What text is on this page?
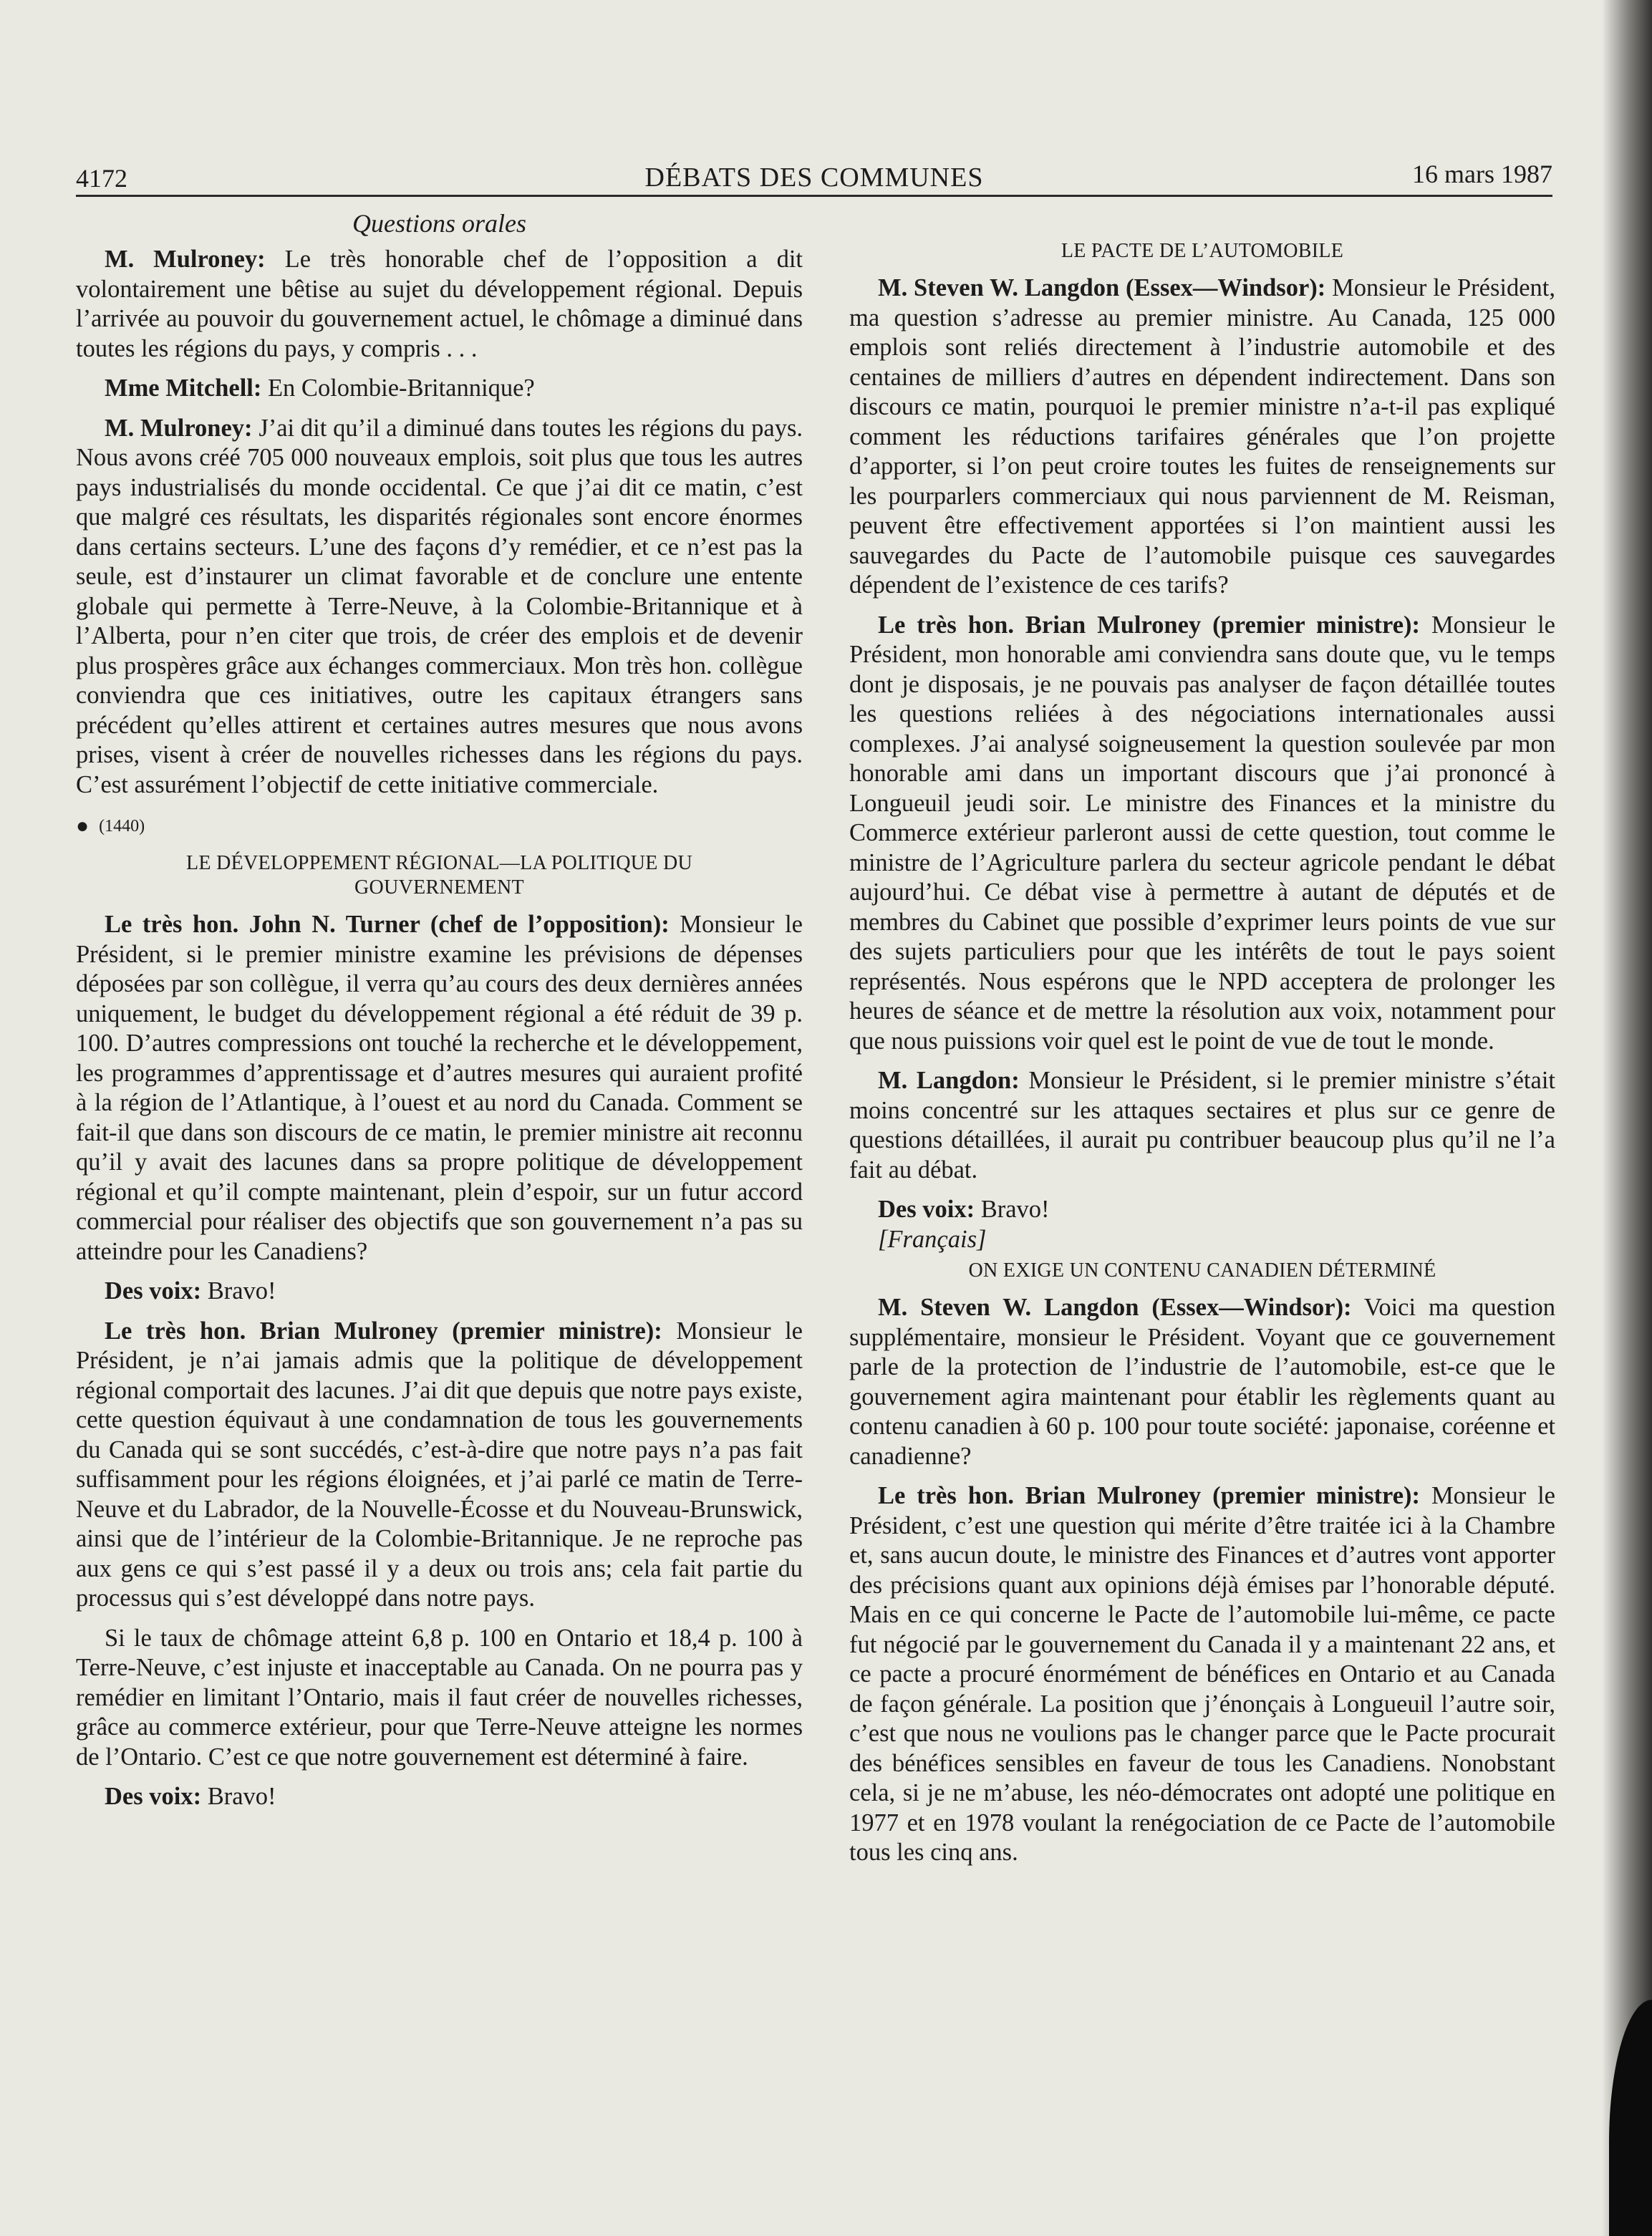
4172	DÉBATS DES COMMUNES	16 mars 1987
Questions orales

M. Mulroney: Le très honorable chef de l’opposition a dit volontairement une bêtise au sujet du développement régional. Depuis l’arrivée au pouvoir du gouvernement actuel, le chômage a diminué dans toutes les régions du pays, y compris . . .

Mme Mitchell: En Colombie-Britannique?

M. Mulroney: J’ai dit qu’il a diminué dans toutes les régions du pays. Nous avons créé 705 000 nouveaux emplois, soit plus que tous les autres pays industrialisés du monde occidental. Ce que j’ai dit ce matin, c’est que malgré ces résultats, les disparités régionales sont encore énormes dans certains secteurs. L’une des façons d’y remédier, et ce n’est pas la seule, est d’instaurer un climat favorable et de conclure une entente globale qui permette à Terre-Neuve, à la Colombie-Britannique et à l’Alberta, pour n’en citer que trois, de créer des emplois et de devenir plus prospères grâce aux échanges commerciaux. Mon très hon. collègue conviendra que ces initiatives, outre les capitaux étrangers sans précédent qu’elles attirent et certaines autres mesures que nous avons prises, visent à créer de nouvelles richesses dans les régions du pays. C’est assurément l’objectif de cette initiative commerciale.

● (1440)
LE DÉVELOPPEMENT RÉGIONAL—LA POLITIQUE DU GOUVERNEMENT

Le très hon. John N. Turner (chef de l’opposition): Monsieur le Président, si le premier ministre examine les prévisions de dépenses déposées par son collègue, il verra qu’au cours des deux dernières années uniquement, le budget du développement régional a été réduit de 39 p. 100. D’autres compressions ont touché la recherche et le développement, les programmes d’apprentissage et d’autres mesures qui auraient profité à la région de l’Atlantique, à l’ouest et au nord du Canada. Comment se fait-il que dans son discours de ce matin, le premier ministre ait reconnu qu’il y avait des lacunes dans sa propre politique de développement régional et qu’il compte maintenant, plein d’espoir, sur un futur accord commercial pour réaliser des objectifs que son gouvernement n’a pas su atteindre pour les Canadiens?

Des voix: Bravo!

Le très hon. Brian Mulroney (premier ministre): Monsieur le Président, je n’ai jamais admis que la politique de développement régional comportait des lacunes. J’ai dit que depuis que notre pays existe, cette question équivaut à une condamnation de tous les gouvernements du Canada qui se sont succédés, c’est-à-dire que notre pays n’a pas fait suffisamment pour les régions éloignées, et j’ai parlé ce matin de Terre-Neuve et du Labrador, de la Nouvelle-Écosse et du Nouveau-Brunswick, ainsi que de l’intérieur de la Colombie-Britannique. Je ne reproche pas aux gens ce qui s’est passé il y a deux ou trois ans; cela fait partie du processus qui s’est développé dans notre pays.

Si le taux de chômage atteint 6,8 p. 100 en Ontario et 18,4 p. 100 à Terre-Neuve, c’est injuste et inacceptable au Canada. On ne pourra pas y remédier en limitant l’Ontario, mais il faut créer de nouvelles richesses, grâce au commerce extérieur, pour que Terre-Neuve atteigne les normes de l’Ontario. C’est ce que notre gouvernement est déterminé à faire.

Des voix: Bravo!

LE PACTE DE L’AUTOMOBILE

M. Steven W. Langdon (Essex—Windsor): Monsieur le Président, ma question s’adresse au premier ministre. Au Canada, 125 000 emplois sont reliés directement à l’industrie automobile et des centaines de milliers d’autres en dépendent indirectement. Dans son discours ce matin, pourquoi le premier ministre n’a-t-il pas expliqué comment les réductions tarifaires générales que l’on projette d’apporter, si l’on peut croire toutes les fuites de renseignements sur les pourparlers commerciaux qui nous parviennent de M. Reisman, peuvent être effectivement apportées si l’on maintient aussi les sauvegardes du Pacte de l’automobile puisque ces sauvegardes dépendent de l’existence de ces tarifs?

Le très hon. Brian Mulroney (premier ministre): Monsieur le Président, mon honorable ami conviendra sans doute que, vu le temps dont je disposais, je ne pouvais pas analyser de façon détaillée toutes les questions reliées à des négociations internationales aussi complexes. J’ai analysé soigneusement la question soulevée par mon honorable ami dans un important discours que j’ai prononcé à Longueuil jeudi soir. Le ministre des Finances et la ministre du Commerce extérieur parleront aussi de cette question, tout comme le ministre de l’Agriculture parlera du secteur agricole pendant le débat aujourd’hui. Ce débat vise à permettre à autant de députés et de membres du Cabinet que possible d’exprimer leurs points de vue sur des sujets particuliers pour que les intérêts de tout le pays soient représentés. Nous espérons que le NPD acceptera de prolonger les heures de séance et de mettre la résolution aux voix, notamment pour que nous puissions voir quel est le point de vue de tout le monde.

M. Langdon: Monsieur le Président, si le premier ministre s’était moins concentré sur les attaques sectaires et plus sur ce genre de questions détaillées, il aurait pu contribuer beaucoup plus qu’il ne l’a fait au débat.

Des voix: Bravo!

[Français]

ON EXIGE UN CONTENU CANADIEN DÉTERMINÉ

M. Steven W. Langdon (Essex—Windsor): Voici ma question supplémentaire, monsieur le Président. Voyant que ce gouvernement parle de la protection de l’industrie de l’automobile, est-ce que le gouvernement agira maintenant pour établir les règlements quant au contenu canadien à 60 p. 100 pour toute société: japonaise, coréenne et canadienne?

Le très hon. Brian Mulroney (premier ministre): Monsieur le Président, c’est une question qui mérite d’être traitée ici à la Chambre et, sans aucun doute, le ministre des Finances et d’autres vont apporter des précisions quant aux opinions déjà émises par l’honorable député. Mais en ce qui concerne le Pacte de l’automobile lui-même, ce pacte fut négocié par le gouvernement du Canada il y a maintenant 22 ans, et ce pacte a procuré énormément de bénéfices en Ontario et au Canada de façon générale. La position que j’énonçais à Longueuil l’autre soir, c’est que nous ne voulions pas le changer parce que le Pacte procurait des bénéfices sensibles en faveur de tous les Canadiens. Nonobstant cela, si je ne m’abuse, les néo-démocrates ont adopté une politique en 1977 et en 1978 voulant la renégociation de ce Pacte de l’automobile tous les cinq ans.
